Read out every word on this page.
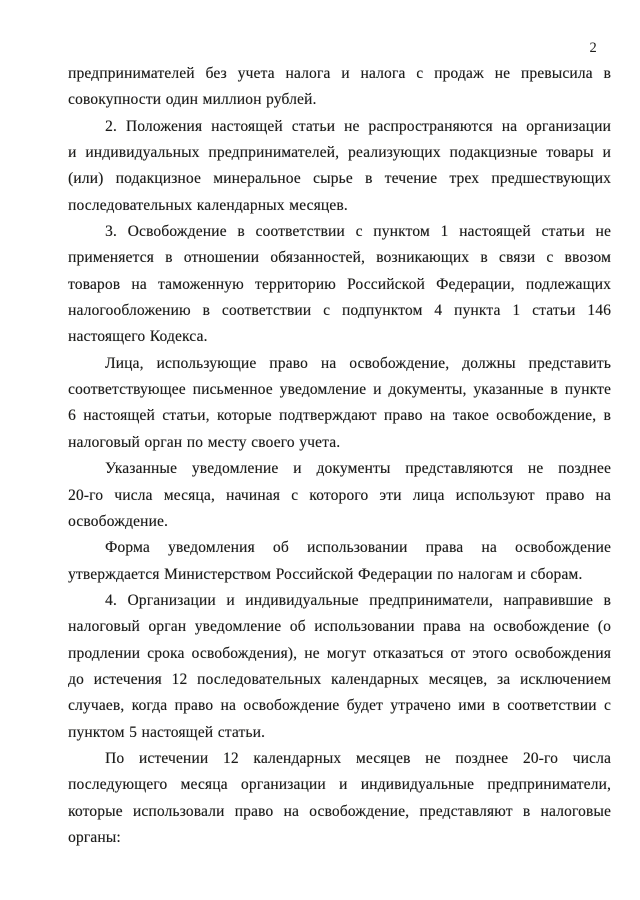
2
предпринимателей без учета налога и налога с продаж не превысила в
совокупности один миллион рублей.
2. Положения настоящей статьи не распространяются на организации
и индивидуальных предпринимателей, реализующих подакцизные товары и
(или) подакцизное минеральное сырье в течение трех предшествующих
последовательных календарных месяцев.
3. Освобождение в соответствии с пунктом 1 настоящей статьи не
применяется в отношении обязанностей, возникающих в связи с ввозом
товаров на таможенную территорию Российской Федерации, подлежащих
налогообложению в соответствии с подпунктом 4 пункта 1 статьи 146
настоящего Кодекса.
Лица, использующие право на освобождение, должны представить
соответствующее письменное уведомление и документы, указанные в пункте
6 настоящей статьи, которые подтверждают право на такое освобождение, в
налоговый орган по месту своего учета.
Указанные уведомление и документы представляются не позднее
20-го числа месяца, начиная с которого эти лица используют право на
освобождение.
Форма уведомления об использовании права на освобождение
утверждается Министерством Российской Федерации по налогам и сборам.
4. Организации и индивидуальные предприниматели, направившие в
налоговый орган уведомление об использовании права на освобождение (о
продлении срока освобождения), не могут отказаться от этого освобождения
до истечения 12 последовательных календарных месяцев, за исключением
случаев, когда право на освобождение будет утрачено ими в соответствии с
пунктом 5 настоящей статьи.
По истечении 12 календарных месяцев не позднее 20-го числа
последующего месяца организации и индивидуальные предприниматели,
которые использовали право на освобождение, представляют в налоговые
органы:
